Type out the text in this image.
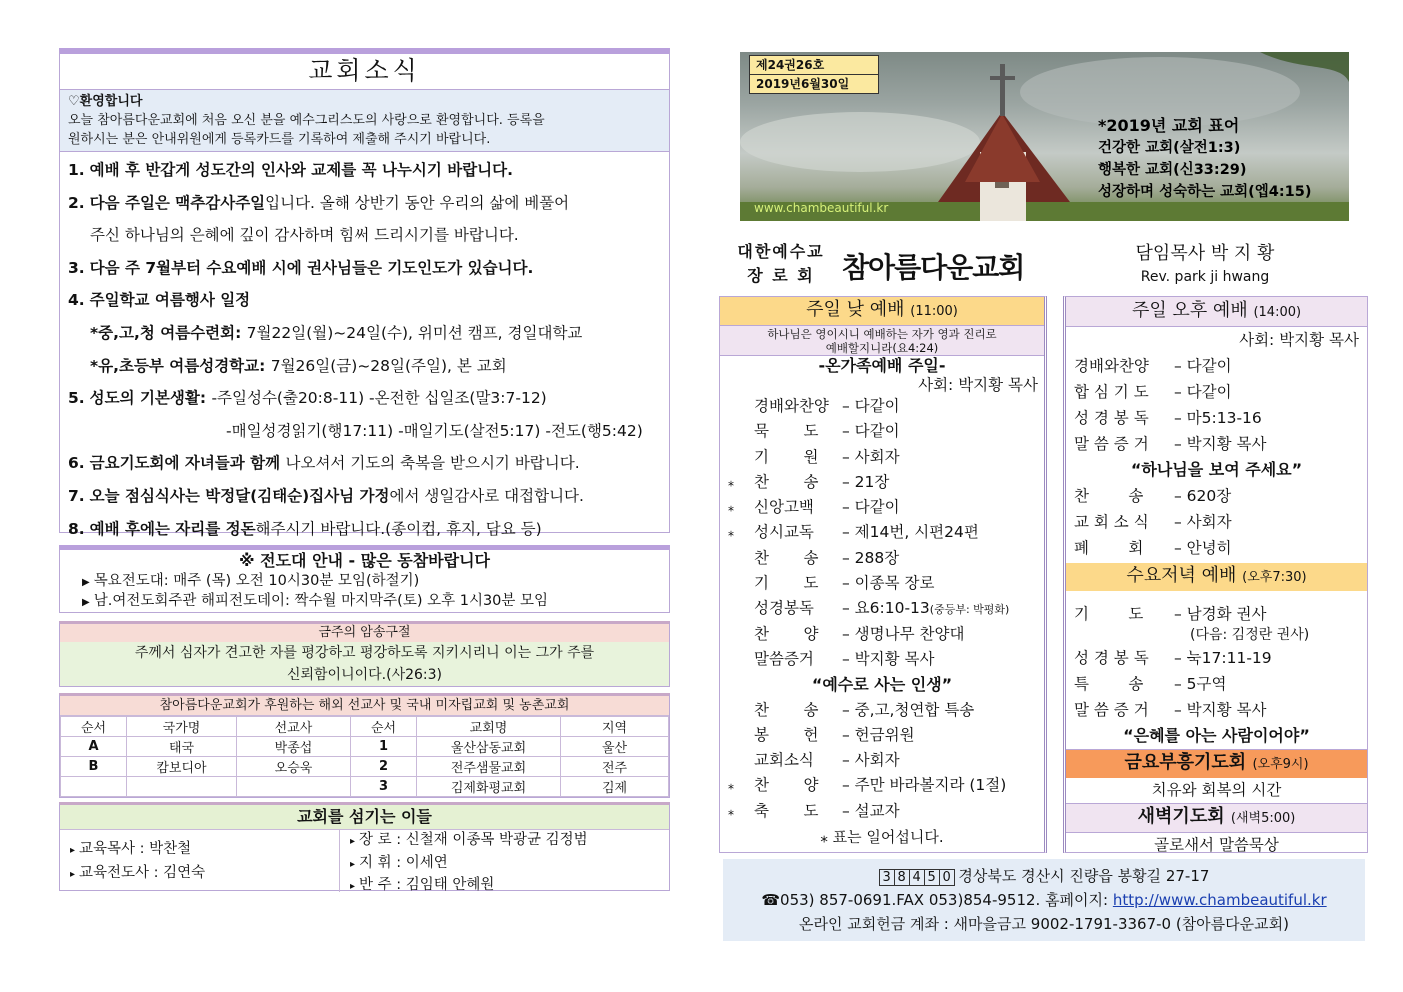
교회소식
♡환영합니다
오늘 참아름다운교회에 처음 오신 분을 예수그리스도의 사랑으로 환영합니다. 등록을
원하시는 분은 안내위원에게 등록카드를 기록하여 제출해 주시기 바랍니다.
1. 예배 후 반갑게 성도간의 인사와 교제를 꼭 나누시기 바랍니다.
2. 다음 주일은 맥추감사주일입니다. 올해 상반기 동안 우리의 삶에 베풀어
주신 하나님의 은혜에 깊이 감사하며 힘써 드리시기를 바랍니다.
3. 다음 주 7월부터 수요예배 시에 권사님들은 기도인도가 있습니다.
4. 주일학교 여름행사 일정
*중,고,청 여름수련회: 7월22일(월)~24일(수), 위미션 캠프, 경일대학교
*유,초등부 여름성경학교: 7월26일(금)~28일(주일), 본 교회
5. 성도의 기본생활: -주일성수(출20:8-11) -온전한 십일조(말3:7-12)
-매일성경읽기(행17:11) -매일기도(살전5:17) -전도(행5:42)
6. 금요기도회에 자녀들과 함께 나오셔서 기도의 축복을 받으시기 바랍니다.
7. 오늘 점심식사는 박정달(김태순)집사님 가정에서 생일감사로 대접합니다.
8. 예배 후에는 자리를 정돈해주시기 바랍니다.(종이컵, 휴지, 담요 등)
※ 전도대 안내 - 많은 동참바랍니다
▶ 목요전도대: 매주 (목) 오전 10시30분 모임(하절기)
▶ 남.여전도회주관 해피전도데이: 짝수월 마지막주(토) 오후 1시30분 모임
금주의 암송구절
주께서 심자가 견고한 자를 평강하고 평강하도록 지키시리니 이는 그가 주를
신뢰함이니이다.(사26:3)
참아름다운교회가 후원하는 해외 선교사 및 국내 미자립교회 및 농촌교회
순서	국가명	선교사	순서	교회명	지역
A	태국	박종섭	1	울산삼동교회	울산
B	캄보디아	오승욱	2	전주샘물교회	전주
			3	김제화평교회	김제
교회를 섬기는 이들
▸ 교육목사 : 박찬철
▸ 교육전도사 : 김연숙
▸ 장 로 : 신철재 이종목 박광균 김정범
▸ 지 휘 : 이세연
▸ 반 주 : 김임태 안혜원
제24권26호
2019년6월30일
*2019년 교회 표어
건강한 교회(살전1:3)
행복한 교회(신33:29)
성장하며 성숙하는 교회(엡4:15)
www.chambeautiful.kr
대한예수교
장 로 회 참아름다운교회	담임목사 박 지 황
Rev. park ji hwang
주일 낮 예배 (11:00)
하나님은 영이시니 예배하는 자가 영과 진리로
예배할지니라(요4:24)
-온가족예배 주일-
사회: 박지황 목사
경배와찬양 – 다같이
묵       도 – 다같이
기       원 – 사회자
⁎ 찬       송 – 21장
⁎ 신앙고백 – 다같이
⁎ 성시교독 – 제14번, 시편24편
찬       송 – 288장
기       도 – 이종목 장로
성경봉독 – 요6:10-13(중등부: 박평화)
찬       양 – 생명나무 찬양대
말씀증거 – 박지황 목사
“예수로 사는 인생”
찬       송 – 중,고,청연합 특송
봉       헌 – 헌금위원
교회소식 – 사회자
⁎ 찬       양 – 주만 바라볼지라 (1절)
⁎ 축       도 – 설교자
⁎ 표는 일어섭니다.
주일 오후 예배 (14:00)
사회: 박지황 목사
경배와찬양 – 다같이
합 심 기 도 – 다같이
성 경 봉 독 – 마5:13-16
말 씀 증 거 – 박지황 목사
“하나님을 보여 주세요”
찬        송 – 620장
교 회 소 식 – 사회자
폐        회 – 안녕히
수요저녁 예배 (오후7:30)
기        도 – 남경화 권사
(다음: 김정란 권사)
성 경 봉 독 – 눅17:11-19
특        송 – 5구역
말 씀 증 거 – 박지황 목사
“은혜를 아는 사람이어야”
금요부흥기도회 (오후9시)
치유와 회복의 시간
새벽기도회 (새벽5:00)
골로새서 말씀묵상
3 8 4 5 0 경상북도 경산시 진량읍 봉황길 27-17
☎053) 857-0691.FAX 053)854-9512. 홈페이지: http://www.chambeautiful.kr
온라인 교회헌금 계좌 : 새마을금고 9002-1791-3367-0 (참아름다운교회)
